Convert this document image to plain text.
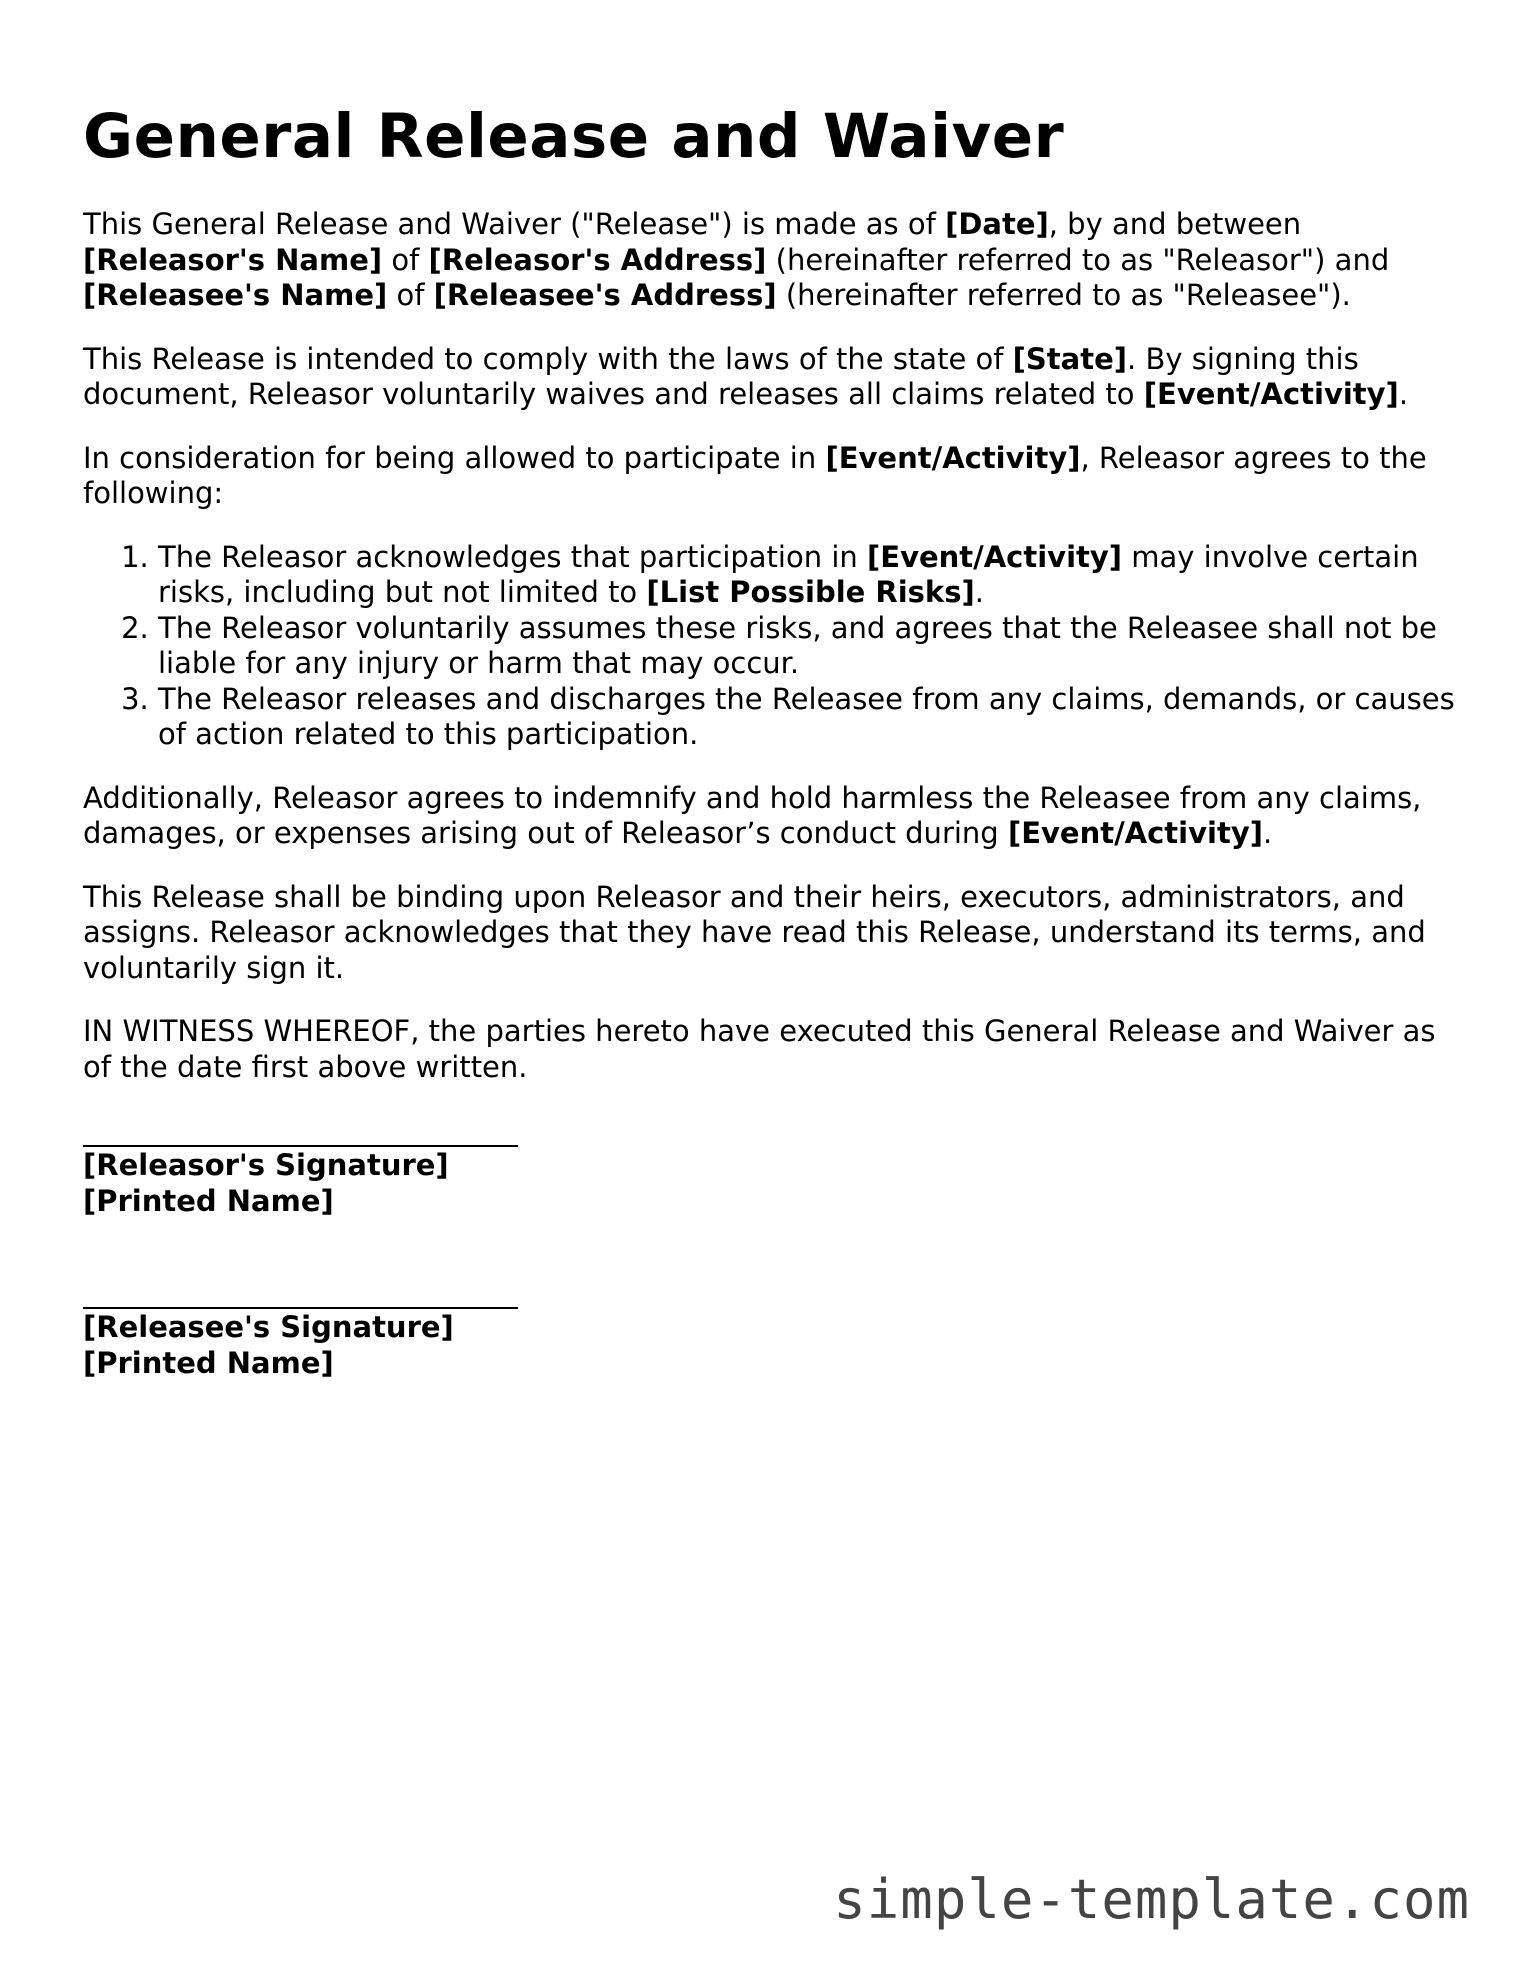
General Release and Waiver

This General Release and Waiver ("Release") is made as of [Date], by and between [Releasor's Name] of [Releasor's Address] (hereinafter referred to as "Releasor") and [Releasee's Name] of [Releasee's Address] (hereinafter referred to as "Releasee").

This Release is intended to comply with the laws of the state of [State]. By signing this document, Releasor voluntarily waives and releases all claims related to [Event/Activity].

In consideration for being allowed to participate in [Event/Activity], Releasor agrees to the following:

1. The Releasor acknowledges that participation in [Event/Activity] may involve certain risks, including but not limited to [List Possible Risks].
2. The Releasor voluntarily assumes these risks, and agrees that the Releasee shall not be liable for any injury or harm that may occur.
3. The Releasor releases and discharges the Releasee from any claims, demands, or causes of action related to this participation.

Additionally, Releasor agrees to indemnify and hold harmless the Releasee from any claims, damages, or expenses arising out of Releasor’s conduct during [Event/Activity].

This Release shall be binding upon Releasor and their heirs, executors, administrators, and assigns. Releasor acknowledges that they have read this Release, understand its terms, and voluntarily sign it.

IN WITNESS WHEREOF, the parties hereto have executed this General Release and Waiver as of the date first above written.

[Releasor's Signature]
[Printed Name]
[Releasee's Signature]
[Printed Name]
simple-template.com
